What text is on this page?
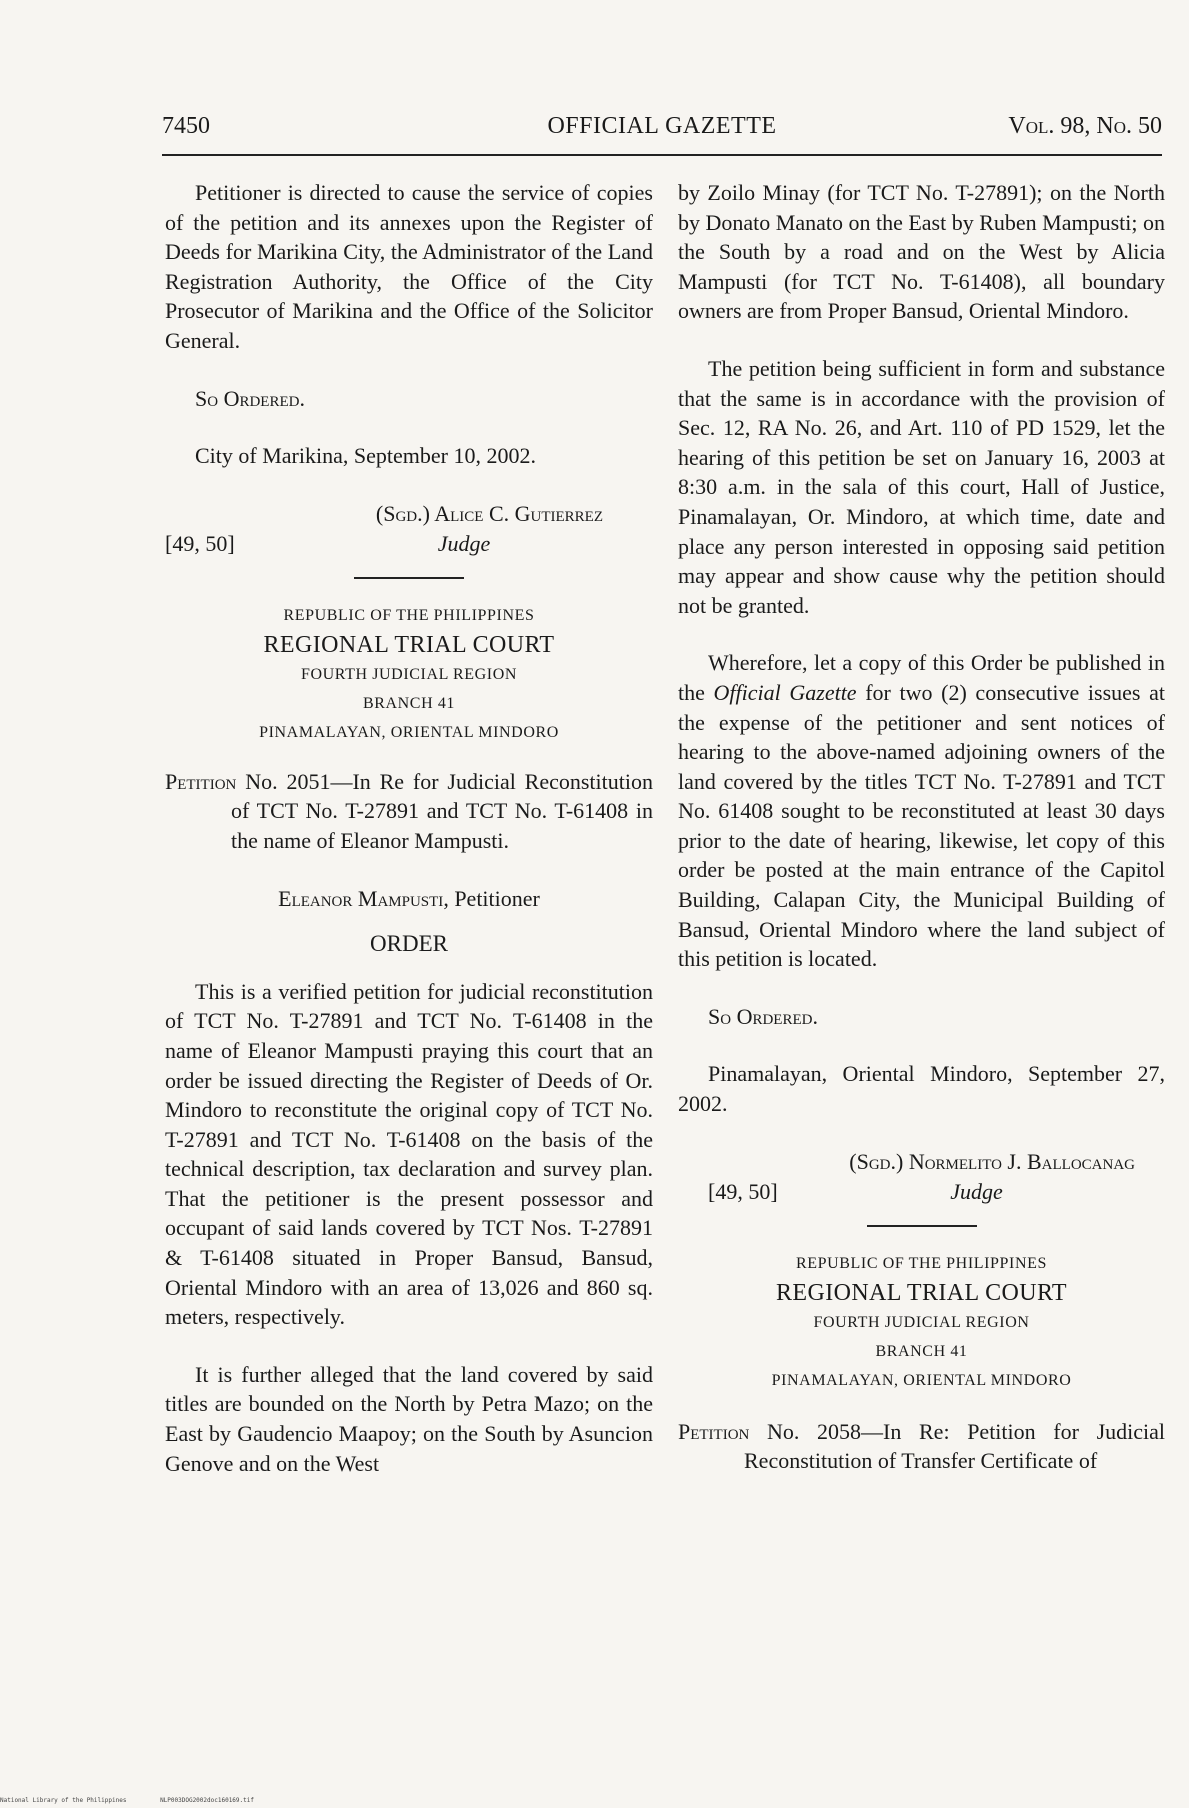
7450	OFFICIAL GAZETTE	Vol. 98, No. 50

Petitioner is directed to cause the service of copies of the petition and its annexes upon the Register of Deeds for Marikina City, the Administrator of the Land Registration Authority, the Office of the City Prosecutor of Marikina and the Office of the Solicitor General.

So Ordered.

City of Marikina, September 10, 2002.

(Sgd.) Alice C. Gutierrez
[49, 50]	Judge
REPUBLIC OF THE PHILIPPINES
REGIONAL TRIAL COURT
FOURTH JUDICIAL REGION
BRANCH 41
PINAMALAYAN, ORIENTAL MINDORO

Petition No. 2051—In Re for Judicial Reconstitution of TCT No. T-27891 and TCT No. T-61408 in the name of Eleanor Mampusti.

Eleanor Mampusti, Petitioner

ORDER

This is a verified petition for judicial reconstitution of TCT No. T-27891 and TCT No. T-61408 in the name of Eleanor Mampusti praying this court that an order be issued directing the Register of Deeds of Or. Mindoro to reconstitute the original copy of TCT No. T-27891 and TCT No. T-61408 on the basis of the technical description, tax declaration and survey plan. That the petitioner is the present possessor and occupant of said lands covered by TCT Nos. T-27891 & T-61408 situated in Proper Bansud, Bansud, Oriental Mindoro with an area of 13,026 and 860 sq. meters, respectively.

It is further alleged that the land covered by said titles are bounded on the North by Petra Mazo; on the East by Gaudencio Maapoy; on the South by Asuncion Genove and on the West

by Zoilo Minay (for TCT No. T-27891); on the North by Donato Manato on the East by Ruben Mampusti; on the South by a road and on the West by Alicia Mampusti (for TCT No. T-61408), all boundary owners are from Proper Bansud, Oriental Mindoro.

The petition being sufficient in form and substance that the same is in accordance with the provision of Sec. 12, RA No. 26, and Art. 110 of PD 1529, let the hearing of this petition be set on January 16, 2003 at 8:30 a.m. in the sala of this court, Hall of Justice, Pinamalayan, Or. Mindoro, at which time, date and place any person interested in opposing said petition may appear and show cause why the petition should not be granted.

Wherefore, let a copy of this Order be published in the Official Gazette for two (2) consecutive issues at the expense of the petitioner and sent notices of hearing to the above-named adjoining owners of the land covered by the titles TCT No. T-27891 and TCT No. 61408 sought to be reconstituted at least 30 days prior to the date of hearing, likewise, let copy of this order be posted at the main entrance of the Capitol Building, Calapan City, the Municipal Building of Bansud, Oriental Mindoro where the land subject of this petition is located.

So Ordered.

Pinamalayan, Oriental Mindoro, September 27, 2002.

(Sgd.) Normelito J. Ballocanag
[49, 50]	Judge
REPUBLIC OF THE PHILIPPINES
REGIONAL TRIAL COURT
FOURTH JUDICIAL REGION
BRANCH 41
PINAMALAYAN, ORIENTAL MINDORO

Petition No. 2058—In Re: Petition for Judicial Reconstitution of Transfer Certificate of

National Library of the Philippines	NLP003DOG2002doc160169.tif
